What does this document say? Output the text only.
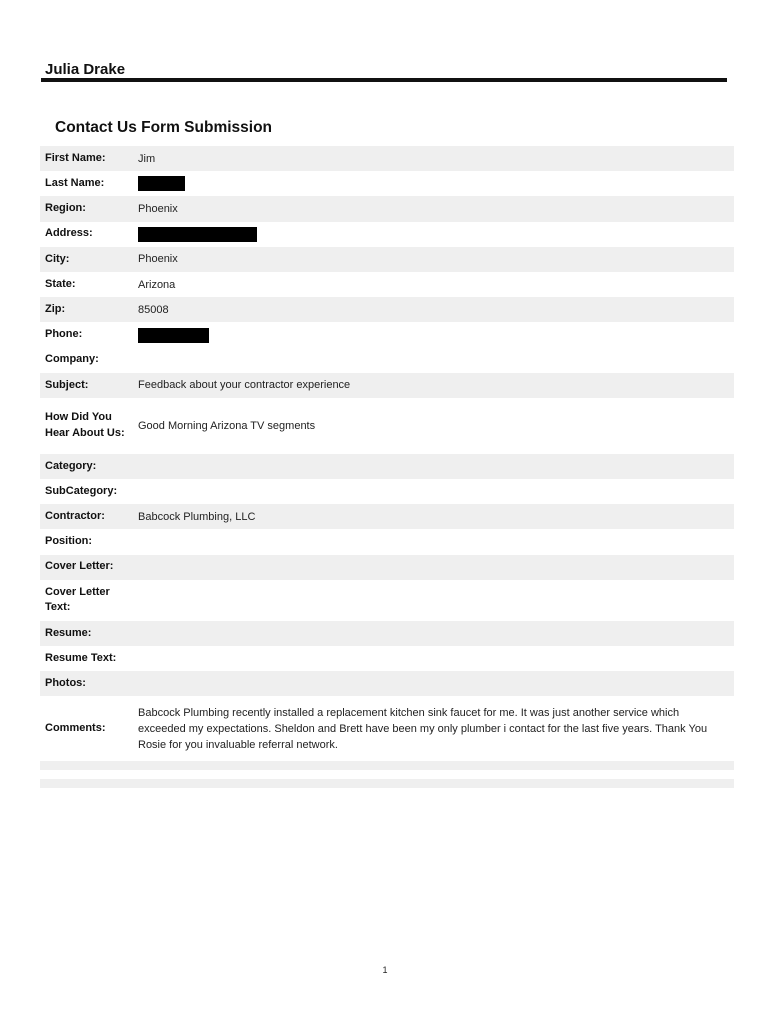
Julia Drake
Contact Us Form Submission
First Name:	Jim
Last Name:
Region:	Phoenix
Address:
City:	Phoenix
State:	Arizona
Zip:	85008
Phone:
Company:
Subject:	Feedback about your contractor experience
How Did You Hear About Us:
Good Morning Arizona TV segments
Category:
SubCategory:
Contractor:	Babcock Plumbing, LLC
Position:
Cover Letter:
Cover Letter Text:
Resume:
Resume Text:
Photos:
Comments:
Babcock Plumbing recently installed a replacement kitchen sink faucet for me. It was just another service which exceeded my expectations. Sheldon and Brett have been my only plumber i contact for the last five years. Thank You Rosie for you invaluable referral network.
1
